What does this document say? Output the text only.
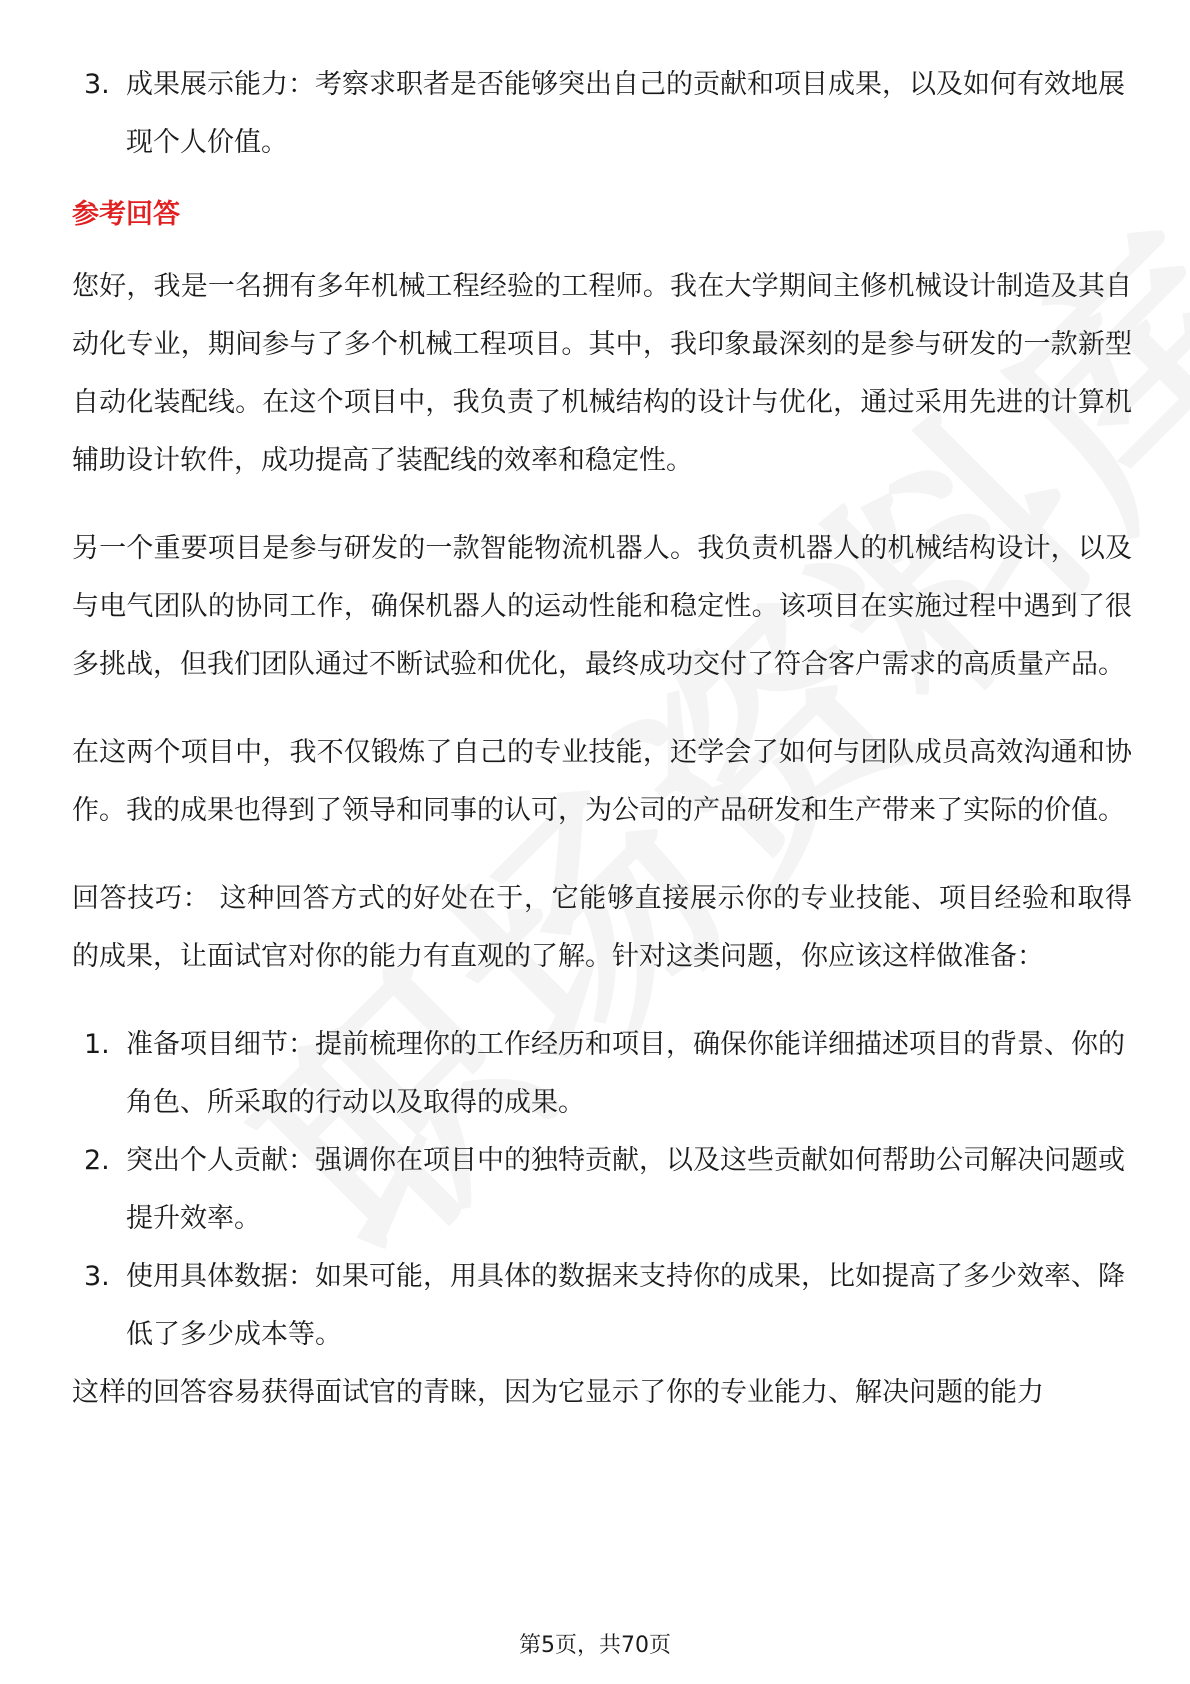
3. 成果展示能力：考察求职者是否能够突出自己的贡献和项目成果，以及如何有效地展现个人价值。
参考回答

您好，我是一名拥有多年机械工程经验的工程师。我在大学期间主修机械设计制造及其自动化专业，期间参与了多个机械工程项目。其中，我印象最深刻的是参与研发的一款新型自动化装配线。在这个项目中，我负责了机械结构的设计与优化，通过采用先进的计算机辅助设计软件，成功提高了装配线的效率和稳定性。

另一个重要项目是参与研发的一款智能物流机器人。我负责机器人的机械结构设计，以及与电气团队的协同工作，确保机器人的运动性能和稳定性。该项目在实施过程中遇到了很多挑战，但我们团队通过不断试验和优化，最终成功交付了符合客户需求的高质量产品。

在这两个项目中，我不仅锻炼了自己的专业技能，还学会了如何与团队成员高效沟通和协作。我的成果也得到了领导和同事的认可，为公司的产品研发和生产带来了实际的价值。

回答技巧： 这种回答方式的好处在于，它能够直接展示你的专业技能、项目经验和取得的成果，让面试官对你的能力有直观的了解。针对这类问题，你应该这样做准备：

1. 准备项目细节：提前梳理你的工作经历和项目，确保你能详细描述项目的背景、你的角色、所采取的行动以及取得的成果。
2. 突出个人贡献：强调你在项目中的独特贡献，以及这些贡献如何帮助公司解决问题或提升效率。
3. 使用具体数据：如果可能，用具体的数据来支持你的成果，比如提高了多少效率、降低了多少成本等。

这样的回答容易获得面试官的青睐，因为它显示了你的专业能力、解决问题的能力

第5页，共70页
